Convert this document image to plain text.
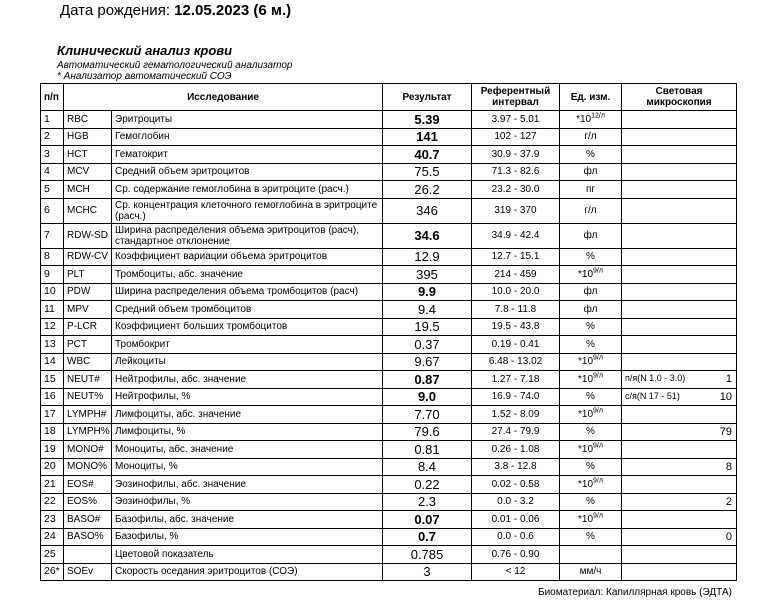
Дата рождения: 12.05.2023 (6 м.)
Клинический анализ крови
Автоматический гематологический анализатор
* Анализатор автоматический СОЭ
п/п	Исследование		Результат	Референтный интервал	Ед. изм.	Световая микроскопия
1	RBC	Эритроциты	5.39	3.97 - 5.01	$*10^{12/л}$	

2	HGB	Гемоглобин	141	102 - 127	г/л	

3	HCT	Гематокрит	40.7	30.9 - 37.9	%	

4	MCV	Средний объем эритроцитов	75.5	71.3 - 82.6	фл	

5	MCH	Ср. содержание гемоглобина в эритроците (расч.)	26.2	23.2 - 30.0	пг	

6	MCHC	Ср. концентрация клеточного гемоглобина в эритроците (расч.)	346	319 - 370	г/л	

7	RDW-SD	Ширина распределения объема эритроцитов (расч), стандартное отклонение	34.6	34.9 - 42.4	фл	

8	RDW-CV	Коэффициент вариации объема эритроцитов	12.9	12.7 - 15.1	%	

9	PLT	Тромбоциты, абс. значение	395	214 - 459	$*10^{9/л}$	

10	PDW	Ширина распределения объема тромбоцитов (расч)	9.9	10.0 - 20.0	фл	

11	MPV	Средний объем тромбоцитов	9.4	7.8 - 11.8	фл	

12	P-LCR	Коэффициент больших тромбоцитов	19.5	19.5 - 43.8	%	

13	PCT	Тромбокрит	0.37	0.19 - 0.41	%	

14	WBC	Лейкоциты	9.67	6.48 - 13.02	$*10^{9/л}$	

15	NEUT#	Нейтрофилы, абс. значение	0.87	1.27 - 7.18	$*10^{9/л}$	п/я(N 1.0 - 3.0) 1

16	NEUT%	Нейтрофилы, %	9.0	16.9 - 74.0	%	с/я(N 17 - 51) 10

17	LYMPH#	Лимфоциты, абс. значение	7.70	1.52 - 8.09	$*10^{9/л}$	

18	LYMPH%	Лимфоциты, %	79.6	27.4 - 79.9	%	79

19	MONO#	Моноциты, абс. значение	0.81	0.26 - 1.08	$*10^{9/л}$	

20	MONO%	Моноциты, %	8.4	3.8 - 12.8	%	8

21	EOS#	Эозинофилы, абс. значение	0.22	0.02 - 0.58	$*10^{9/л}$	

22	EOS%	Эозинофилы, %	2.3	0.0 - 3.2	%	2

23	BASO#	Базофилы, абс. значение	0.07	0.01 - 0.06	$*10^{9/л}$	

24	BASO%	Базофилы, %	0.7	0.0 - 0.6	%	0

25		Цветовой показатель	0.785	0.76 - 0.90		

26*	SOEv	Скорость оседания эритроцитов (СОЭ)	3	< 12	мм/ч	
Биоматериал: Капиллярная кровь (ЭДТА)
